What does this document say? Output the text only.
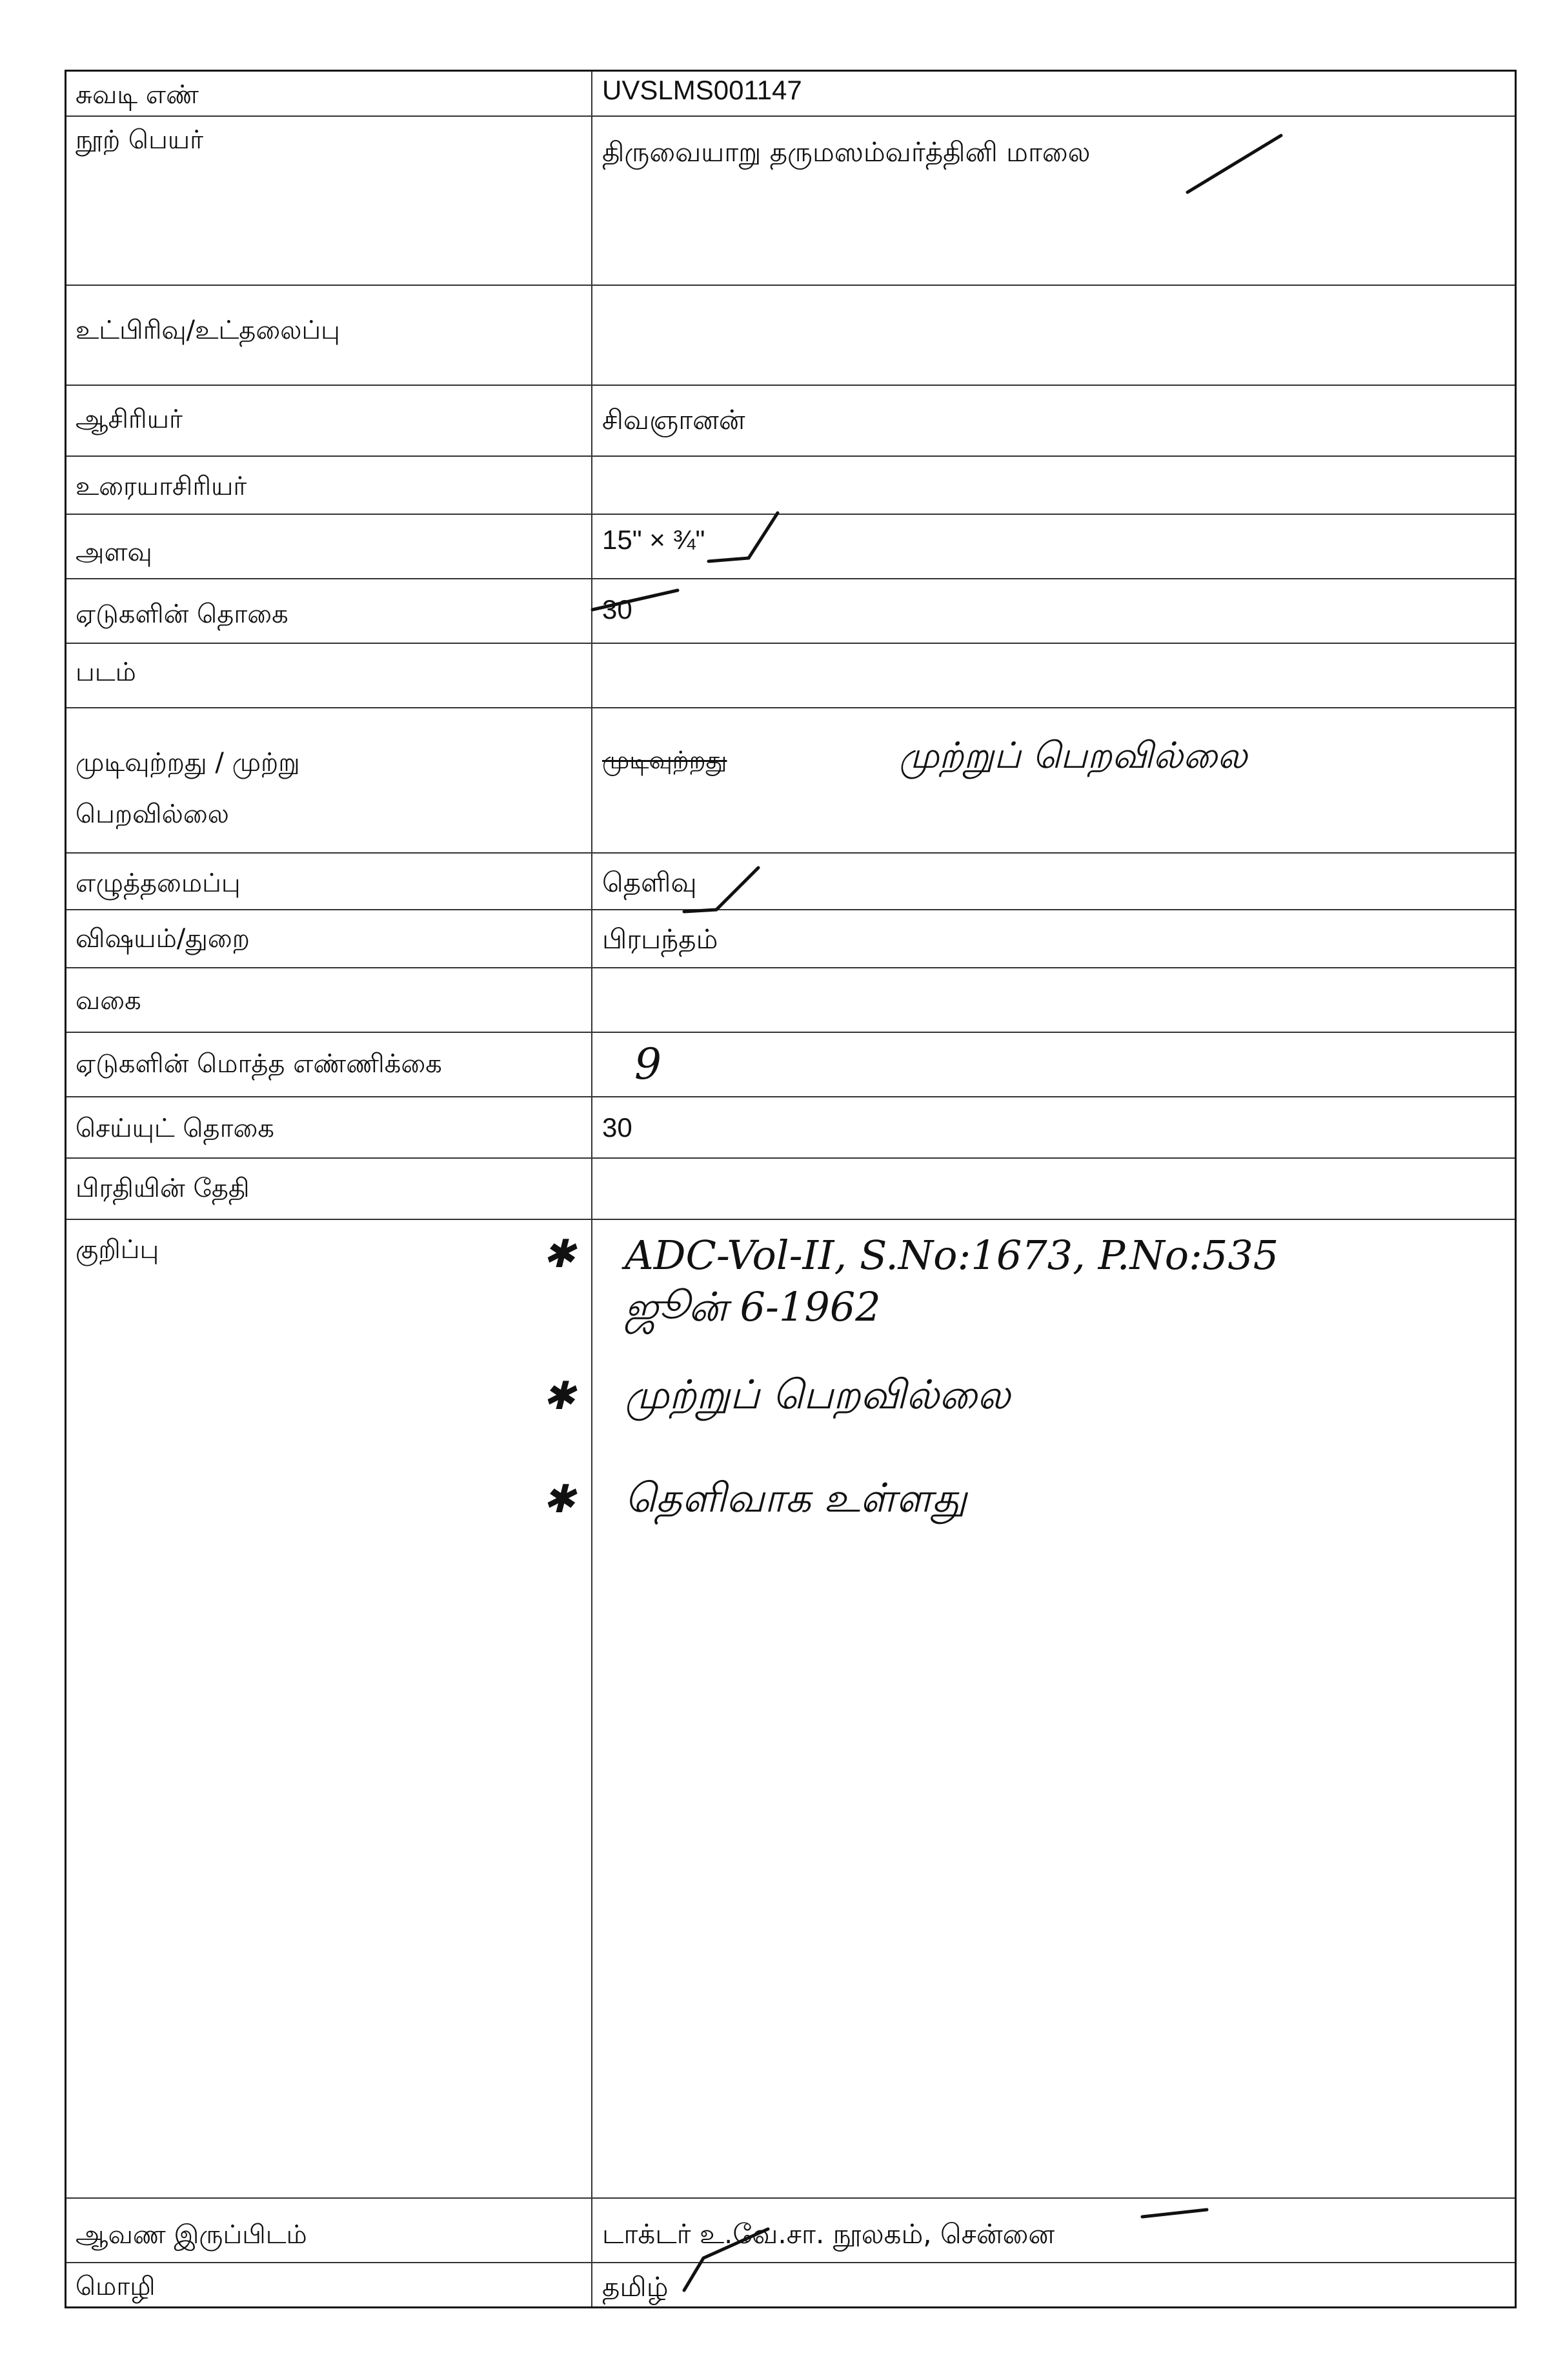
சுவடி எண்	UVSLMS001147
நூற் பெயர்	திருவையாறு தருமஸம்வர்த்தினி மாலை
உட்பிரிவு/உட்தலைப்பு
ஆசிரியர்	சிவஞானன்
உரையாசிரியர்
அளவு	15" × ¾"
ஏடுகளின் தொகை	30
படம்
முடிவுற்றது / முற்று
பெறவில்லை
முடிவுற்றது	முற்றுப் பெறவில்லை
எழுத்தமைப்பு	தெளிவு
விஷயம்/துறை	பிரபந்தம்
வகை
ஏடுகளின் மொத்த எண்ணிக்கை	9
செய்யுட் தொகை	30
பிரதியின் தேதி
குறிப்பு	✱ ADC-Vol-II, S.No:1673, P.No:535
ஜூன் 6-1962
✱ முற்றுப் பெறவில்லை
✱ தெளிவாக உள்ளது
ஆவண இருப்பிடம்	டாக்டர் உ.வே.சா. நூலகம், சென்னை
மொழி	தமிழ்
